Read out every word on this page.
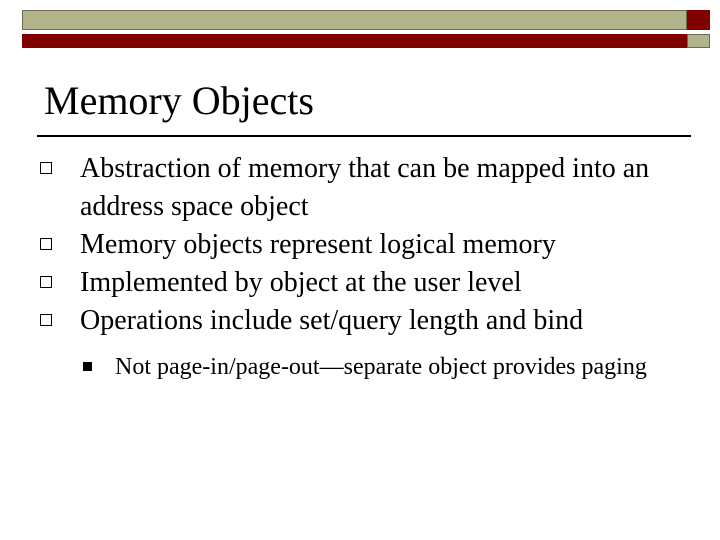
Memory Objects
Abstraction of memory that can be mapped into an address space object
Memory objects represent logical memory
Implemented by object at the user level
Operations include set/query length and bind
Not page-in/page-out—separate object provides paging
